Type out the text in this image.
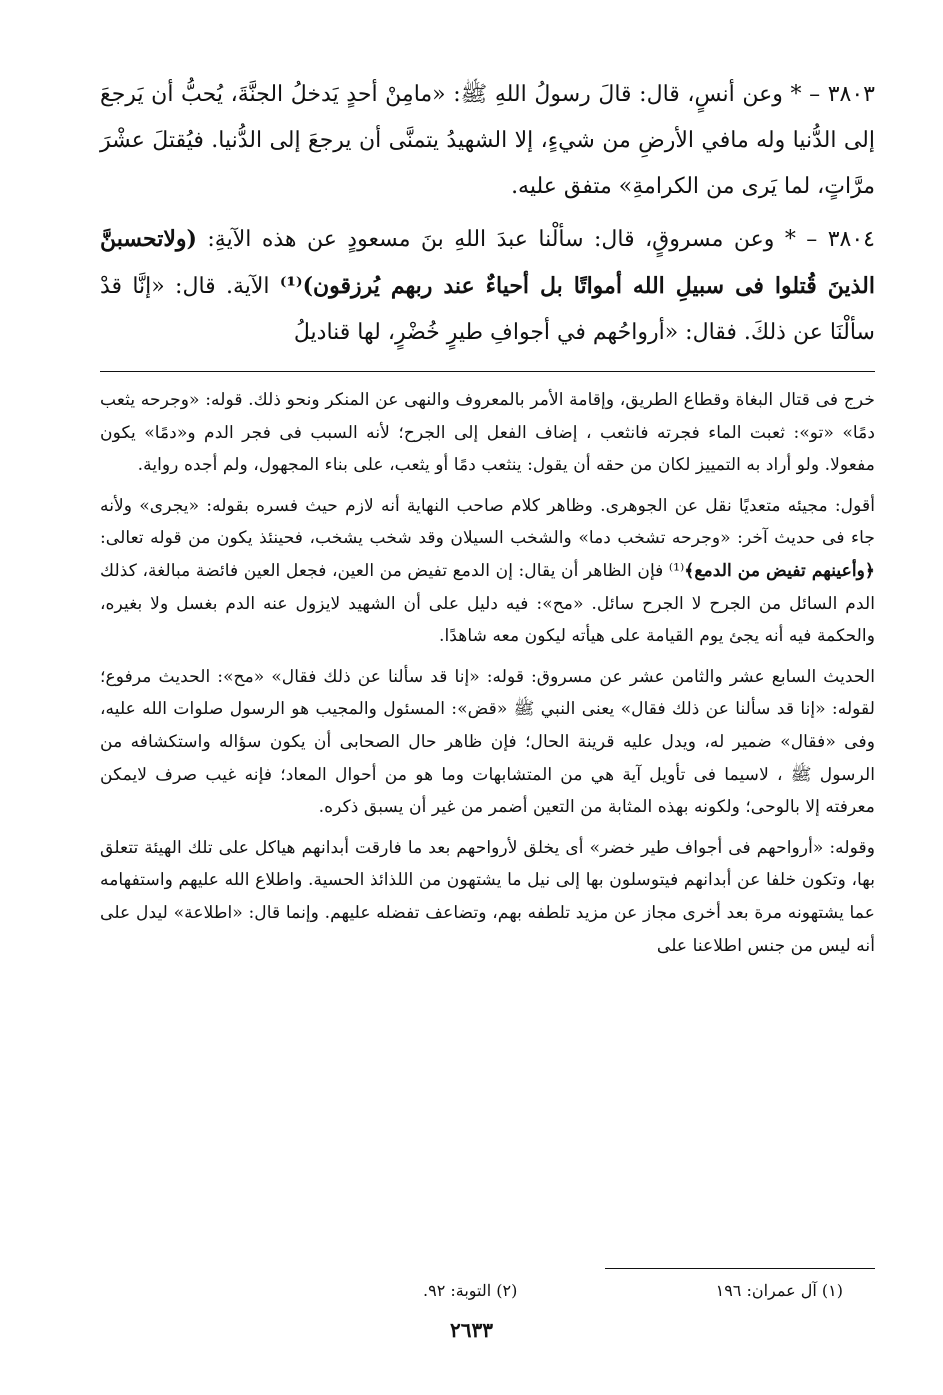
٣٨٠٣ – * وعن أنسٍ، قال: قالَ رسولُ اللهِ ﷺ: «مامِنْ أحدٍ يَدخلُ الجنَّةَ، يُحبُّ أن يَرجعَ إلى الدُّنيا وله مافي الأرضِ من شيءٍ، إلا الشهيدُ يتمنَّى أن يرجعَ إلى الدُّنيا. فيُقتلَ عشْرَ مرَّاتٍ، لما يَرى من الكرامةِ» متفق عليه.

٣٨٠٤ – * وعن مسروقٍ، قال: سألْنا عبدَ اللهِ بنَ مسعودٍ عن هذه الآيةِ: (ولاتحسبنَّ الذينَ قُتلوا فى سبيلِ الله أمواتًا بل أحياءٌ عند ربهم يُرزقون)⁽¹⁾ الآية. قال: «إنَّا قدْ سألْنَا عن ذلكَ. فقال: «أرواحُهم في أجوافِ طيرٍ خُضْرٍ، لها قناديلُ

خرج فى قتال البغاة وقطاع الطريق، وإقامة الأمر بالمعروف والنهى عن المنكر ونحو ذلك. قوله: «وجرحه يثعب دمًا» «تو»: ثعبت الماء فجرته فانثعب ، إضاف الفعل إلى الجرح؛ لأنه السبب فى فجر الدم و«دمًا» يكون مفعولا. ولو أراد به التمييز لكان من حقه أن يقول: ينثعب دمًا أو يثعب، على بناء المجهول، ولم أجده رواية.

أقول: مجيئه متعديًا نقل عن الجوهرى. وظاهر كلام صاحب النهاية أنه لازم حيث فسره بقوله: «يجرى» ولأنه جاء فى حديث آخر: «وجرحه تشخب دما» والشخب السيلان وقد شخب يشخب، فحينئذ يكون من قوله تعالى: ﴿وأعينهم تفيض من الدمع﴾⁽¹⁾ فإن الظاهر أن يقال: إن الدمع تفيض من العين، فجعل العين فائضة مبالغة، كذلك الدم السائل من الجرح لا الجرح سائل. «مح»: فيه دليل على أن الشهيد لايزول عنه الدم بغسل ولا بغيره، والحكمة فيه أنه يجئ يوم القيامة على هيأته ليكون معه شاهدًا.

الحديث السابع عشر والثامن عشر عن مسروق: قوله: «إنا قد سألنا عن ذلك فقال» «مح»: الحديث مرفوع؛ لقوله: «إنا قد سألنا عن ذلك فقال» يعنى النبي ﷺ «قض»: المسئول والمجيب هو الرسول صلوات الله عليه، وفى «فقال» ضمير له، ويدل عليه قرينة الحال؛ فإن ظاهر حال الصحابى أن يكون سؤاله واستكشافه من الرسول ﷺ ، لاسيما فى تأويل آية هي من المتشابهات وما هو من أحوال المعاد؛ فإنه غيب صرف لايمكن معرفته إلا بالوحى؛ ولكونه بهذه المثابة من التعين أضمر من غير أن يسبق ذكره.

وقوله: «أرواحهم فى أجواف طير خضر» أى يخلق لأرواحهم بعد ما فارقت أبدانهم هياكل على تلك الهيئة تتعلق بها، وتكون خلفا عن أبدانهم فيتوسلون بها إلى نيل ما يشتهون من اللذائذ الحسية. واطلاع الله عليهم واستفهامه عما يشتهونه مرة بعد أخرى مجاز عن مزيد تلطفه بهم، وتضاعف تفضله عليهم. وإنما قال: «اطلاعة» ليدل على أنه ليس من جنس اطلاعنا على

(١) آل عمران: ١٩٦
(٢) التوبة: ٩٢.
٢٦٣٣
